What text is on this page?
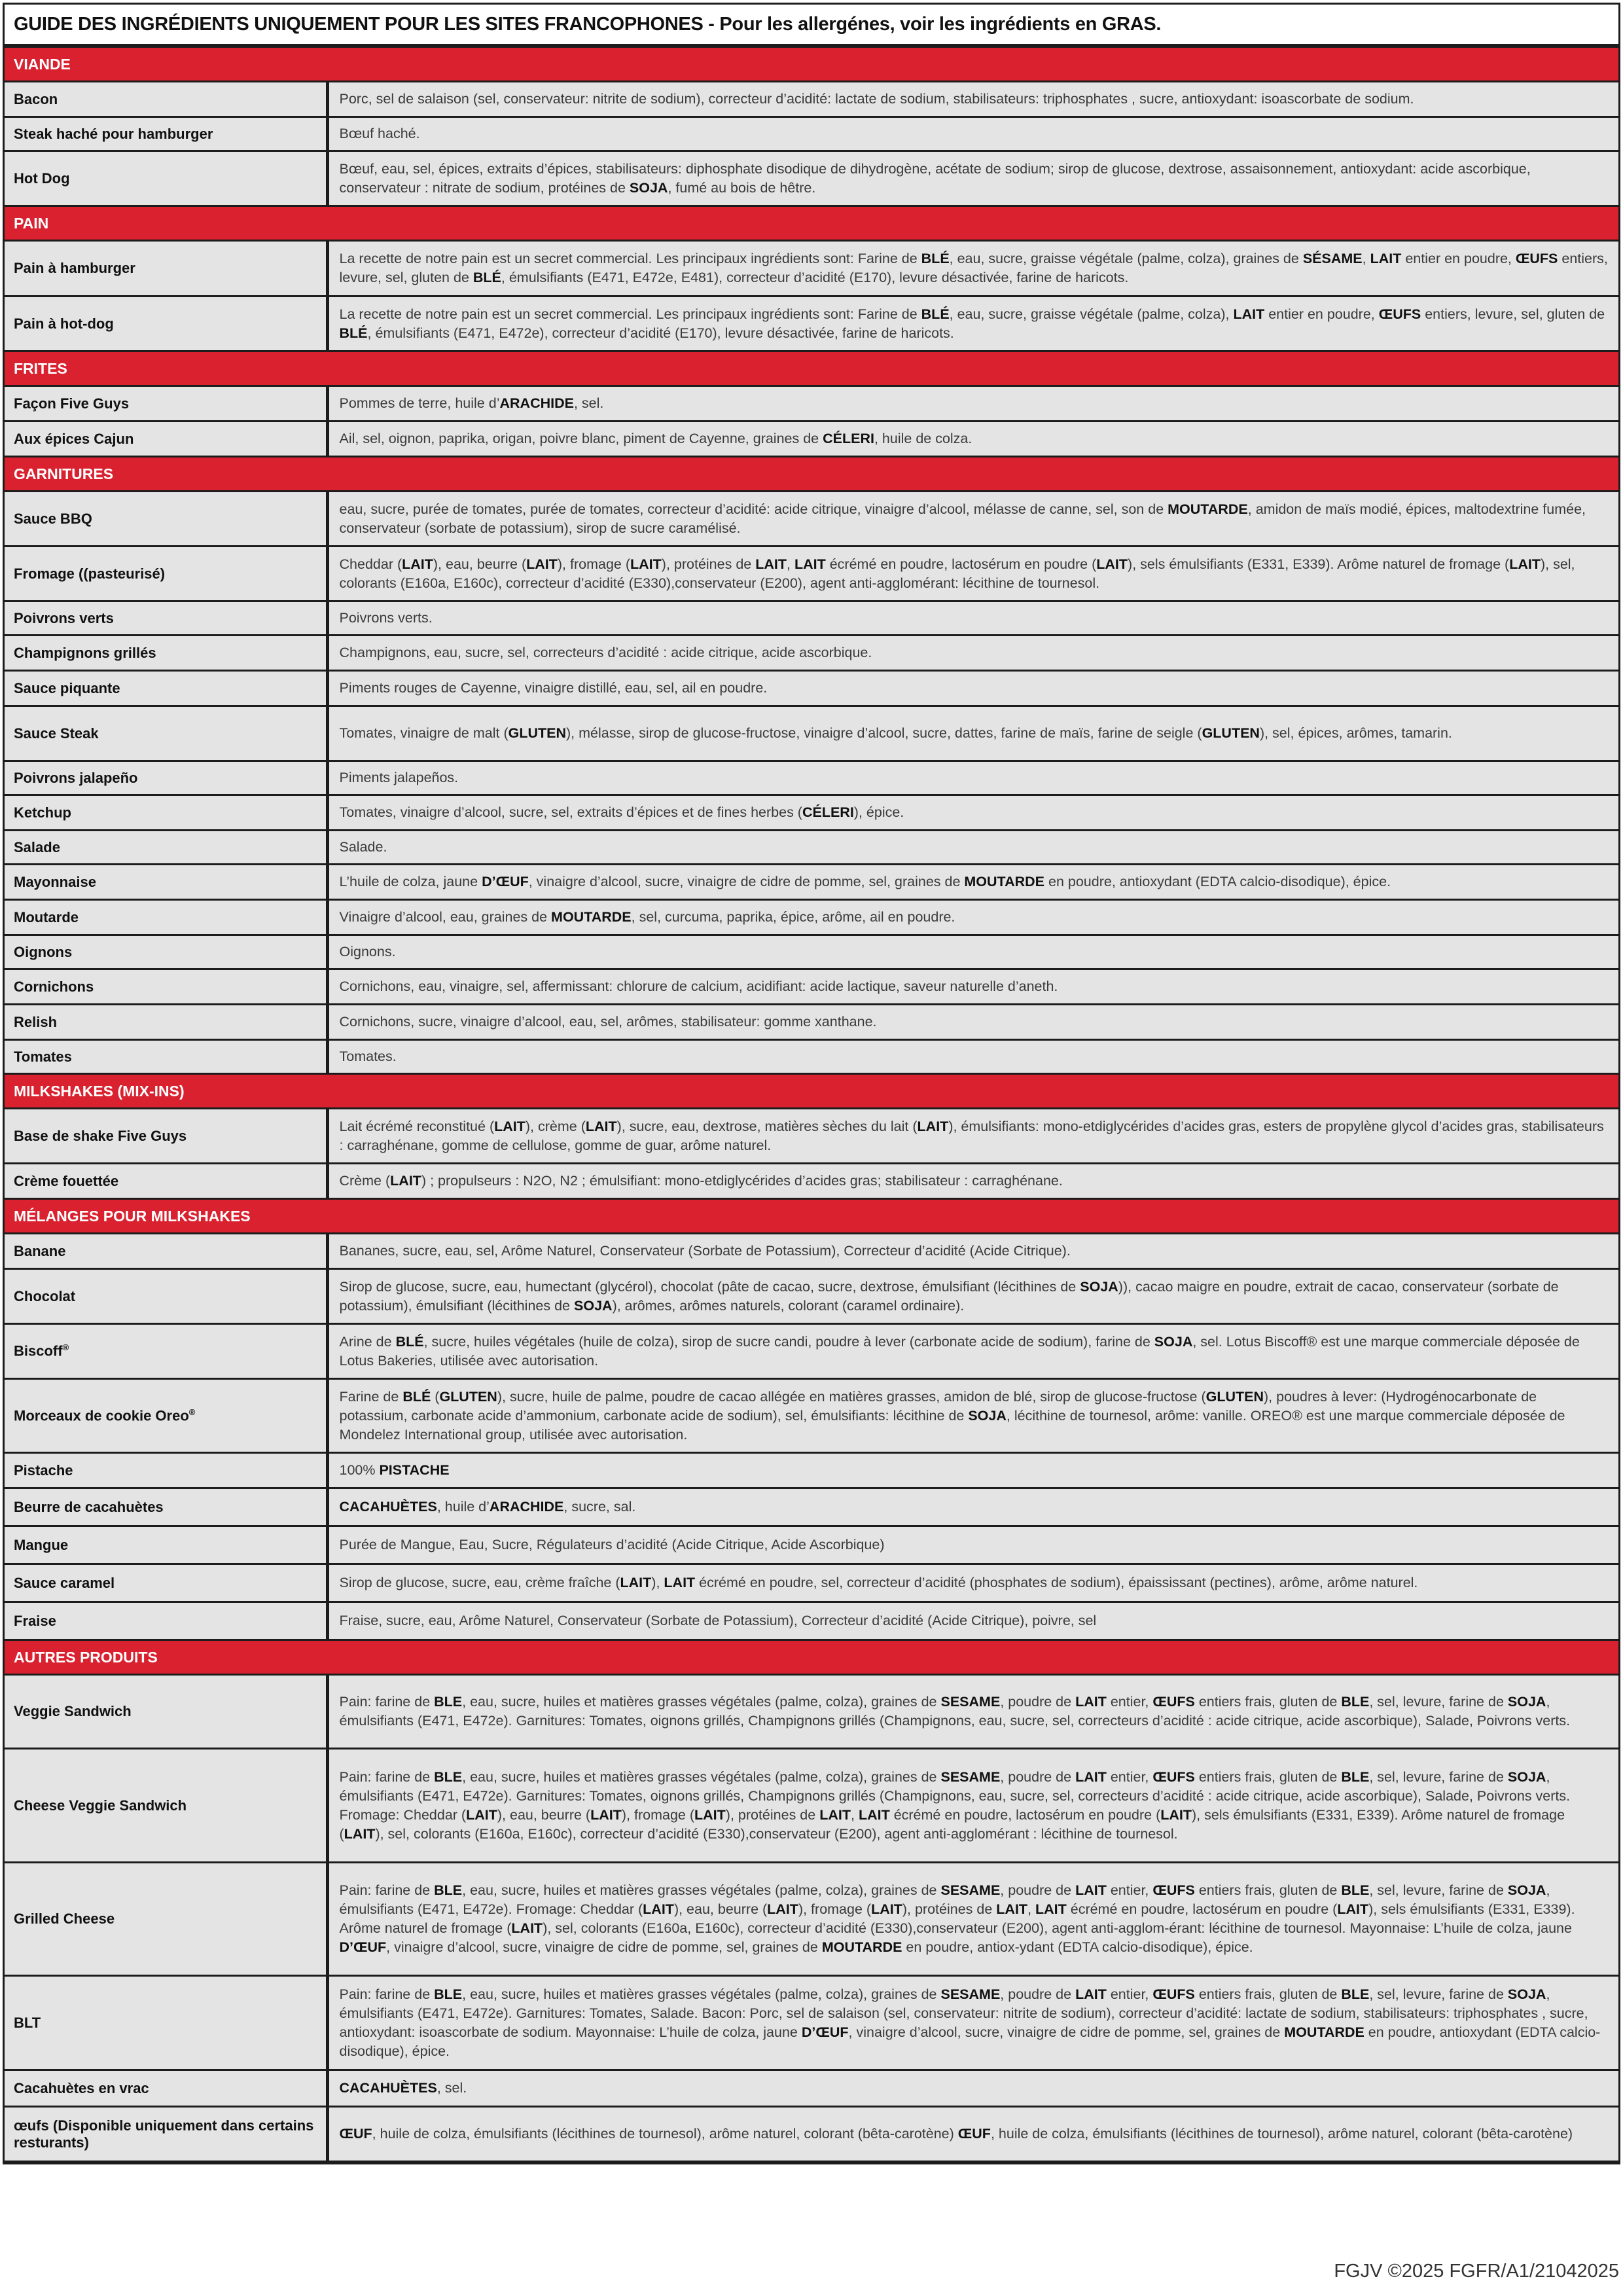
GUIDE DES INGRÉDIENTS UNIQUEMENT POUR LES SITES FRANCOPHONES - Pour les allergénes, voir les ingrédients en GRAS.
VIANDE	
Bacon	Porc, sel de salaison (sel, conservateur: nitrite de sodium), correcteur d’acidité: lactate de sodium, stabilisateurs: triphosphates , sucre, antioxydant: isoascorbate de sodium.
Steak haché pour hamburger	Bœuf haché.
Hot Dog	Bœuf, eau, sel, épices, extraits d’épices, stabilisateurs: diphosphate disodique de dihydrogène, acétate de sodium; sirop de glucose, dextrose, assaisonnement, antioxydant: acide ascorbique, conservateur : nitrate de sodium, protéines de SOJA, fumé au bois de hêtre.
PAIN	
Pain à hamburger	La recette de notre pain est un secret commercial. Les principaux ingrédients sont: Farine de BLÉ, eau, sucre, graisse végétale (palme, colza), graines de SÉSAME, LAIT entier en poudre, ŒUFS entiers, levure, sel, gluten de BLÉ, émulsifiants (E471, E472e, E481), correcteur d’acidité (E170), levure désactivée, farine de haricots.
Pain à hot-dog	La recette de notre pain est un secret commercial. Les principaux ingrédients sont: Farine de BLÉ, eau, sucre, graisse végétale (palme, colza), LAIT entier en poudre, ŒUFS entiers, levure, sel, gluten de BLÉ, émulsifiants (E471, E472e), correcteur d’acidité (E170), levure désactivée, farine de haricots.
FRITES	
Façon Five Guys	Pommes de terre, huile d’ARACHIDE, sel.
Aux épices Cajun	Ail, sel, oignon, paprika, origan, poivre blanc, piment de Cayenne, graines de CÉLERI, huile de colza.
GARNITURES	
Sauce BBQ	eau, sucre, purée de tomates, purée de tomates, correcteur d’acidité: acide citrique, vinaigre d’alcool, mélasse de canne, sel, son de MOUTARDE, amidon de maïs modié, épices, maltodextrine fumée, conservateur (sorbate de potassium), sirop de sucre caramélisé.
Fromage ((pasteurisé)	Cheddar (LAIT), eau, beurre (LAIT), fromage (LAIT), protéines de LAIT, LAIT écrémé en poudre, lactosérum en poudre (LAIT), sels émulsifiants (E331, E339). Arôme naturel de fromage (LAIT), sel, colorants (E160a, E160c), correcteur d’acidité (E330),conservateur (E200), agent anti-agglomérant: lécithine de tournesol.
Poivrons verts	Poivrons verts.
Champignons grillés	Champignons, eau, sucre, sel, correcteurs d’acidité : acide citrique, acide ascorbique.
Sauce piquante	Piments rouges de Cayenne, vinaigre distillé, eau, sel, ail en poudre.
Sauce Steak	Tomates, vinaigre de malt (GLUTEN), mélasse, sirop de glucose-fructose, vinaigre d’alcool, sucre, dattes, farine de maïs, farine de seigle (GLUTEN), sel, épices, arômes, tamarin.
Poivrons jalapeño	Piments jalapeños.
Ketchup	Tomates, vinaigre d’alcool, sucre, sel, extraits d’épices et de fines herbes (CÉLERI), épice.
Salade	Salade.
Mayonnaise	L’huile de colza, jaune D’ŒUF, vinaigre d’alcool, sucre, vinaigre de cidre de pomme, sel, graines de MOUTARDE en poudre, antioxydant (EDTA calcio-disodique), épice.
Moutarde	Vinaigre d’alcool, eau, graines de MOUTARDE, sel, curcuma, paprika, épice, arôme, ail en poudre.
Oignons	Oignons.
Cornichons	Cornichons, eau, vinaigre, sel, affermissant: chlorure de calcium, acidifiant: acide lactique, saveur naturelle d’aneth.
Relish	Cornichons, sucre, vinaigre d’alcool, eau, sel, arômes, stabilisateur: gomme xanthane.
Tomates	Tomates.
MILKSHAKES (MIX-INS)	
Base de shake Five Guys	Lait écrémé reconstitué (LAIT), crème (LAIT), sucre, eau, dextrose, matières sèches du lait (LAIT), émulsifiants: mono-etdiglycérides d’acides gras, esters de propylène glycol d’acides gras, stabilisateurs : carraghénane, gomme de cellulose, gomme de guar, arôme naturel.
Crème fouettée	Crème (LAIT) ; propulseurs : N2O, N2 ; émulsifiant: mono-etdiglycérides d’acides gras; stabilisateur : carraghénane.
MÉLANGES POUR MILKSHAKES	
Banane	Bananes, sucre, eau, sel, Arôme Naturel, Conservateur (Sorbate de Potassium), Correcteur d’acidité (Acide Citrique).
Chocolat	Sirop de glucose, sucre, eau, humectant (glycérol), chocolat (pâte de cacao, sucre, dextrose, émulsifiant (lécithines de SOJA)), cacao maigre en poudre, extrait de cacao, conservateur (sorbate de potassium), émulsifiant (lécithines de SOJA), arômes, arômes naturels, colorant (caramel ordinaire).
Biscoff®	Arine de BLÉ, sucre, huiles végétales (huile de colza), sirop de sucre candi, poudre à lever (carbonate acide de sodium), farine de SOJA, sel. Lotus Biscoff® est une marque commerciale déposée de Lotus Bakeries, utilisée avec autorisation.
Morceaux de cookie Oreo®	Farine de BLÉ (GLUTEN), sucre, huile de palme, poudre de cacao allégée en matières grasses, amidon de blé, sirop de glucose-fructose (GLUTEN), poudres à lever: (Hydrogénocarbonate de potassium, carbonate acide d’ammonium, carbonate acide de sodium), sel, émulsifiants: lécithine de SOJA, lécithine de tournesol, arôme: vanille. OREO® est une marque commerciale déposée de Mondelez International group, utilisée avec autorisation.
Pistache	100% PISTACHE
Beurre de cacahuètes	CACAHUÈTES, huile d’ARACHIDE, sucre, sal.
Mangue	Purée de Mangue, Eau, Sucre, Régulateurs d’acidité (Acide Citrique, Acide Ascorbique)
Sauce caramel	Sirop de glucose, sucre, eau, crème fraîche (LAIT), LAIT écrémé en poudre, sel, correcteur d’acidité (phosphates de sodium), épaississant (pectines), arôme, arôme naturel.
Fraise	Fraise, sucre, eau, Arôme Naturel, Conservateur (Sorbate de Potassium), Correcteur d’acidité (Acide Citrique), poivre, sel
AUTRES PRODUITS	
Veggie Sandwich	Pain: farine de BLE, eau, sucre, huiles et matières grasses végétales (palme, colza), graines de SESAME, poudre de LAIT entier, ŒUFS entiers frais, gluten de BLE, sel, levure, farine de SOJA, émulsifiants (E471, E472e). Garnitures: Tomates, oignons grillés, Champignons grillés (Champignons, eau, sucre, sel, correcteurs d’acidité : acide citrique, acide ascorbique), Salade, Poivrons verts.
Cheese Veggie Sandwich	Pain: farine de BLE, eau, sucre, huiles et matières grasses végétales (palme, colza), graines de SESAME, poudre de LAIT entier, ŒUFS entiers frais, gluten de BLE, sel, levure, farine de SOJA, émulsifiants (E471, E472e). Garnitures: Tomates, oignons grillés, Champignons grillés (Champignons, eau, sucre, sel, correcteurs d’acidité : acide citrique, acide ascorbique), Salade, Poivrons verts. Fromage: Cheddar (LAIT), eau, beurre (LAIT), fromage (LAIT), protéines de LAIT, LAIT écrémé en poudre, lactosérum en poudre (LAIT), sels émulsifiants (E331, E339). Arôme naturel de fromage (LAIT), sel, colorants (E160a, E160c), correcteur d’acidité (E330),conservateur (E200), agent anti-agglomérant : lécithine de tournesol.
Grilled Cheese	Pain: farine de BLE, eau, sucre, huiles et matières grasses végétales (palme, colza), graines de SESAME, poudre de LAIT entier, ŒUFS entiers frais, gluten de BLE, sel, levure, farine de SOJA, émulsifiants (E471, E472e). Fromage: Cheddar (LAIT), eau, beurre (LAIT), fromage (LAIT), protéines de LAIT, LAIT écrémé en poudre, lactosérum en poudre (LAIT), sels émulsifiants (E331, E339). Arôme naturel de fromage (LAIT), sel, colorants (E160a, E160c), correcteur d’acidité (E330),conservateur (E200), agent anti-agglom-érant: lécithine de tournesol. Mayonnaise: L’huile de colza, jaune D’ŒUF, vinaigre d’alcool, sucre, vinaigre de cidre de pomme, sel, graines de MOUTARDE en poudre, antiox-ydant (EDTA calcio-disodique), épice.
BLT	Pain: farine de BLE, eau, sucre, huiles et matières grasses végétales (palme, colza), graines de SESAME, poudre de LAIT entier, ŒUFS entiers frais, gluten de BLE, sel, levure, farine de SOJA, émulsifiants (E471, E472e). Garnitures: Tomates, Salade. Bacon: Porc, sel de salaison (sel, conservateur: nitrite de sodium), correcteur d’acidité: lactate de sodium, stabilisateurs: triphosphates , sucre, antioxydant: isoascorbate de sodium. Mayonnaise: L’huile de colza, jaune D’ŒUF, vinaigre d’alcool, sucre, vinaigre de cidre de pomme, sel, graines de MOUTARDE en poudre, antioxydant (EDTA calcio-disodique), épice.
Cacahuètes en vrac	CACAHUÈTES, sel.
œufs (Disponible uniquement dans certains resturants)	ŒUF, huile de colza, émulsifiants (lécithines de tournesol), arôme naturel, colorant (bêta-carotène) ŒUF, huile de colza, émulsifiants (lécithines de tournesol), arôme naturel, colorant (bêta-carotène)
FGJV ©2025 FGFR/A1/21042025
